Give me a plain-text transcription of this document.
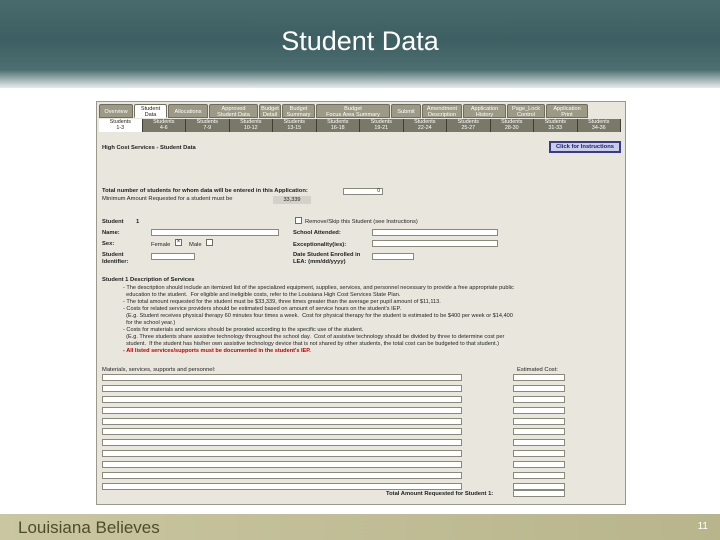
Student Data
Overview	Student
Data	Allocations	Approved
Student Data
Budget
Detail
Budget
Summary
Budget
Focus Area Summary	Submit	Amendment
Description
Application
History
Page_Lock
Control
Application
Print
Students
1-3
Students
4-6
Students
7-9
Students
10-12
Students
13-15
Students
16-18
Students
19-21
Students
22-24
Students
25-27
Students
28-30
Students
31-33
Students
34-36
High Cost Services - Student Data	Click for Instructions
Total number of students for whom data will be entered in this Application:	0
Minimum Amount Requested for a student must be	33,339
Student 1	Remove/Skip this Student (see Instructions)
Name:	School Attended:
Sex:	Female ×	Male	Exceptionality(ies):
Student
Identifier:
Date Student Enrolled in
LEA: (mm/dd/yyyy)
Student 1 Description of Services
- The description should include an itemized list of the specialized equipment, supplies, services, and personnel necessary to provide a free appropriate public
education to the student.  For eligible and ineligible costs, refer to the Louisiana High Cost Services State Plan.
- The total amount requested for the student must be $33,339, three times greater than the average per pupil amount of $11,113.
- Costs for related service providers should be estimated based on amount of service hours on the student's IEP.
(E.g. Student receives physical therapy 60 minutes four times a week.  Cost for physical therapy for the student is estimated to be $400 per week or $14,400
for the school year.)
- Costs for materials and services should be prorated according to the specific use of the student.
(E.g. Three students share assistive technology throughout the school day.  Cost of assistive technology should be divided by three to determine cost per
student.  If the student has his/her own assistive technology device that is not shared by other students, the total cost can be budgeted to that student.)
- All listed services/supports must be documented in the student's IEP.
Materials, services, supports and personnel:	Estimated Cost:
Total Amount Requested for Student 1:
Louisiana Believes	11
